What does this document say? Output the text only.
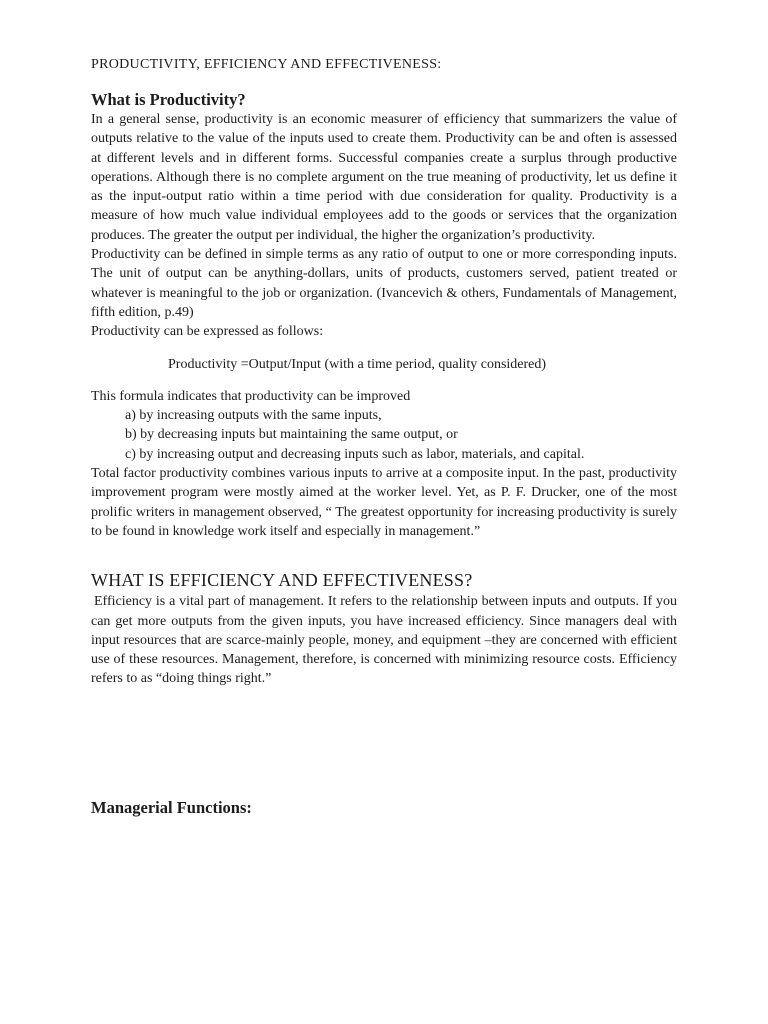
PRODUCTIVITY, EFFICIENCY AND EFFECTIVENESS:

What is Productivity?

In a general sense, productivity is an economic measurer of efficiency that summarizers the value of outputs relative to the value of the inputs used to create them. Productivity can be and often is assessed at different levels and in different forms. Successful companies create a surplus through productive operations. Although there is no complete argument on the true meaning of productivity, let us define it as the input-output ratio within a time period with due consideration for quality. Productivity is a measure of how much value individual employees add to the goods or services that the organization produces. The greater the output per individual, the higher the organization’s productivity.

Productivity can be defined in simple terms as any ratio of output to one or more corresponding inputs. The unit of output can be anything-dollars, units of products, customers served, patient treated or whatever is meaningful to the job or organization. (Ivancevich & others, Fundamentals of Management, fifth edition, p.49)

Productivity can be expressed as follows:

Productivity =Output/Input (with a time period, quality considered)

This formula indicates that productivity can be improved

a) by increasing outputs with the same inputs,
b) by decreasing inputs but maintaining the same output, or
c) by increasing output and decreasing inputs such as labor, materials, and capital.

Total factor productivity combines various inputs to arrive at a composite input. In the past, productivity improvement program were mostly aimed at the worker level. Yet, as P. F. Drucker, one of the most prolific writers in management observed, “ The greatest opportunity for increasing productivity is surely to be found in knowledge work itself and especially in management.”

WHAT IS EFFICIENCY AND EFFECTIVENESS?

Efficiency is a vital part of management. It refers to the relationship between inputs and outputs. If you can get more outputs from the given inputs, you have increased efficiency. Since managers deal with input resources that are scarce-mainly people, money, and equipment –they are concerned with efficient use of these resources. Management, therefore, is concerned with minimizing resource costs. Efficiency refers to as “doing things right.”

Managerial Functions:
